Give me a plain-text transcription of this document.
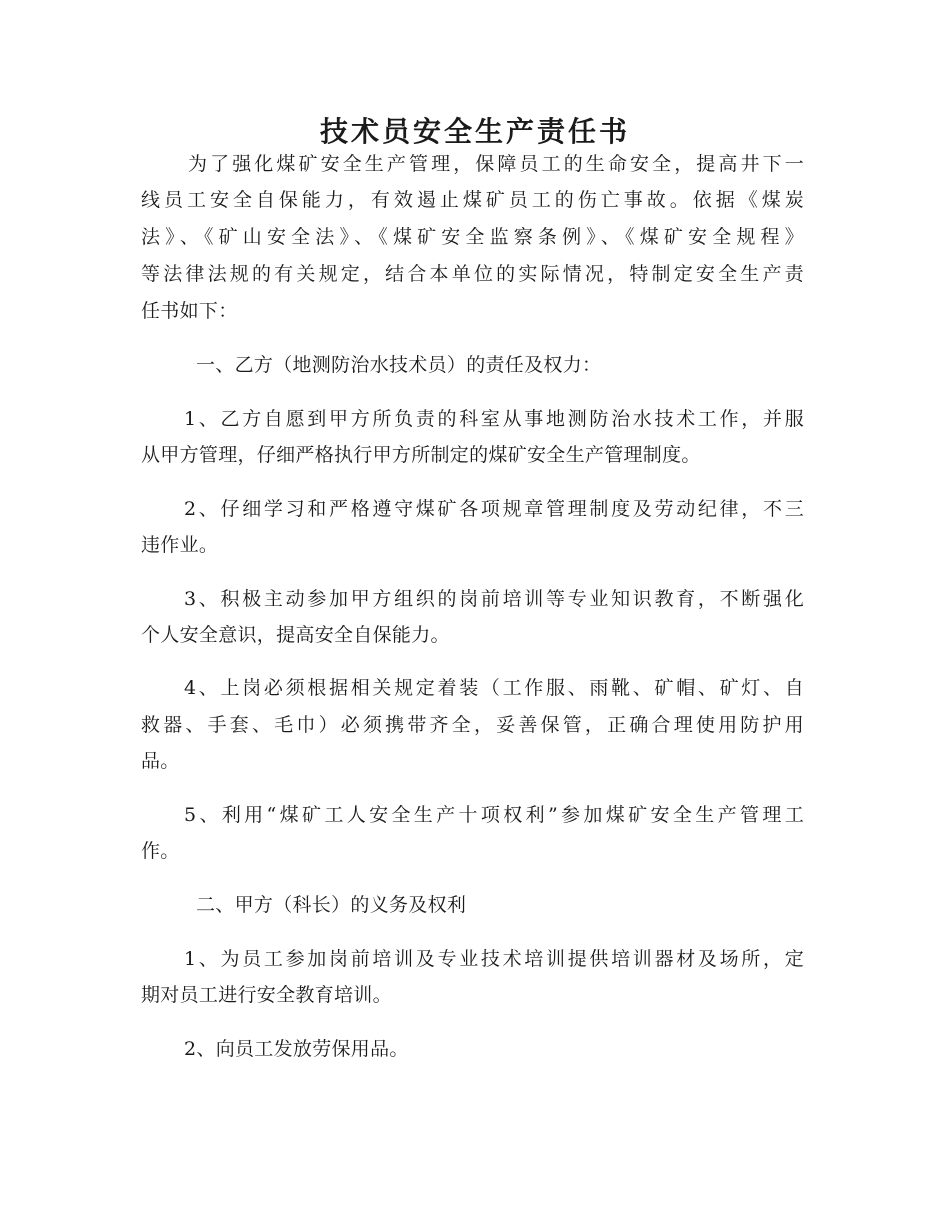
技术员安全生产责任书
为了强化煤矿安全生产管理，保障员工的生命安全，提高井下一
线员工安全自保能力，有效遏止煤矿员工的伤亡事故。依据《煤炭
法》、《矿山安全法》、《煤矿安全监察条例》、《煤矿安全规程》
等法律法规的有关规定，结合本单位的实际情况，特制定安全生产责
任书如下：
一、乙方（地测防治水技术员）的责任及权力：
1、乙方自愿到甲方所负责的科室从事地测防治水技术工作，并服
从甲方管理，仔细严格执行甲方所制定的煤矿安全生产管理制度。
2、仔细学习和严格遵守煤矿各项规章管理制度及劳动纪律，不三
违作业。
3、积极主动参加甲方组织的岗前培训等专业知识教育，不断强化
个人安全意识，提高安全自保能力。
4、上岗必须根据相关规定着装（工作服、雨靴、矿帽、矿灯、自
救器、手套、毛巾）必须携带齐全，妥善保管，正确合理使用防护用
品。
5、利用“煤矿工人安全生产十项权利”参加煤矿安全生产管理工
作。
二、甲方（科长）的义务及权利
1、为员工参加岗前培训及专业技术培训提供培训器材及场所，定
期对员工进行安全教育培训。
2、向员工发放劳保用品。
